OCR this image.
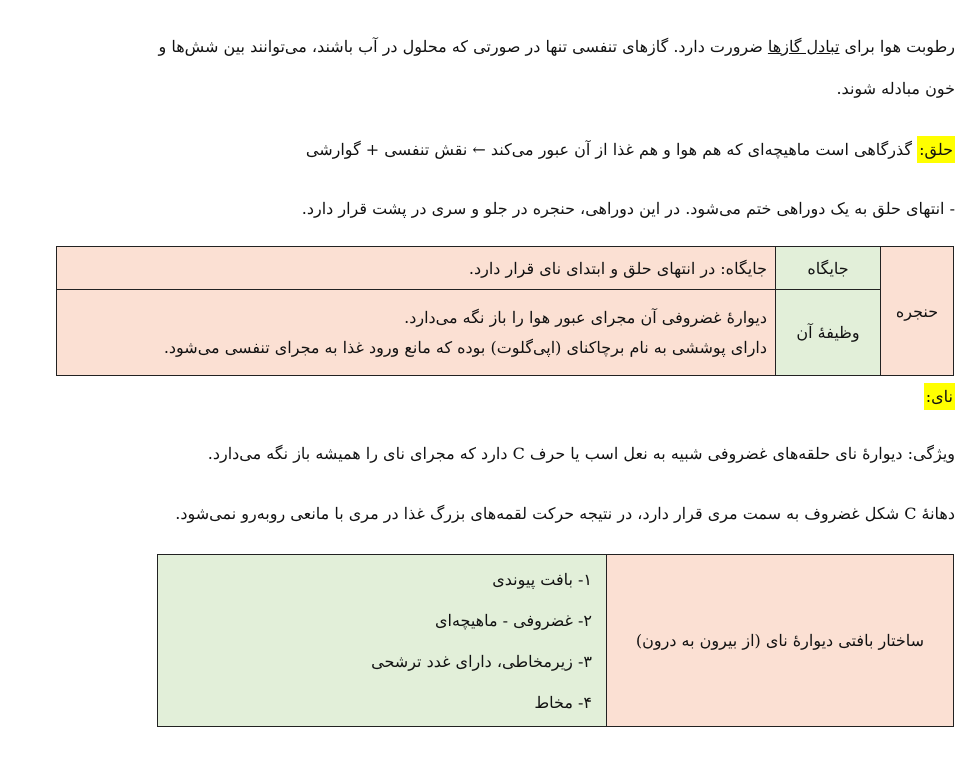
رطوبت هوا برای تبادل گازها ضرورت دارد. گازهای تنفسی تنها در صورتی که محلول در آب باشند، می‌توانند بین شش‌ها و
خون مبادله شوند.
حلق: گذرگاهی است ماهیچه‌ای که هم هوا و هم غذا از آن عبور می‌کند ← نقش تنفسی + گوارشی
- انتهای حلق به یک دوراهی ختم می‌شود. در این دوراهی، حنجره در جلو و سری در پشت قرار دارد.
حنجره	جایگاه	جایگاه: در انتهای حلق و ابتدای نای قرار دارد.
	وظیفهٔ آن	دیوارهٔ غضروفی آن مجرای عبور هوا را باز نگه می‌دارد.
دارای پوششی به نام برچاکنای (اپی‌گلوت) بوده که مانع ورود غذا به مجرای تنفسی می‌شود.
نای:
ویژگی: دیوارهٔ نای حلقه‌های غضروفی شبیه به نعل اسب یا حرف C دارد که مجرای نای را همیشه باز نگه می‌دارد.
دهانهٔ C شکل غضروف به سمت مری قرار دارد، در نتیجه حرکت لقمه‌های بزرگ غذا در مری با مانعی روبه‌رو نمی‌شود.
ساختار بافتی دیوارهٔ نای (از بیرون به درون)	
۱- بافت پیوندی
۲- غضروفی - ماهیچه‌ای
۳- زیرمخاطی، دارای غدد ترشحی
۴- مخاط
